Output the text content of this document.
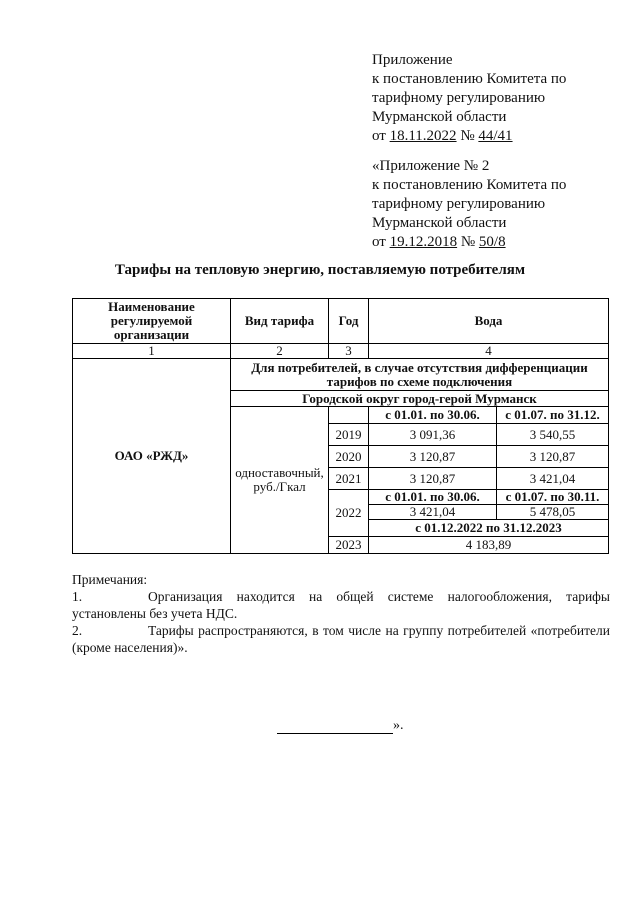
Приложение
к постановлению Комитета по
тарифному регулированию
Мурманской области
от 18.11.2022 № 44/41
«Приложение № 2
к постановлению Комитета по
тарифному регулированию
Мурманской области
от 19.12.2018 № 50/8
Тарифы на тепловую энергию, поставляемую потребителям
Наименование регулируемой организации	Вид тарифа	Год	Вода	
1	2	3	4	
ОАО «РЖД»	Для потребителей, в случае отсутствия дифференциации тарифов по схеме подключения			
	Городской округ город-герой Мурманск			
	одноставочный, руб./Гкал		с 01.01. по 30.06.	с 01.07. по 31.12.
		2019	3 091,36	3 540,55
		2020	3 120,87	3 120,87
		2021	3 120,87	3 421,04
		2022	с 01.01. по 30.06.	с 01.07. по 30.11.
			3 421,04	5 478,05
			с 01.12.2022 по 31.12.2023	
		2023	4 183,89	
Примечания:
1.	Организация находится на общей системе налогообложения, тарифы
установлены без учета НДС.
2.	Тарифы распространяются, в том числе на группу потребителей «потребители
(кроме населения)».
».
